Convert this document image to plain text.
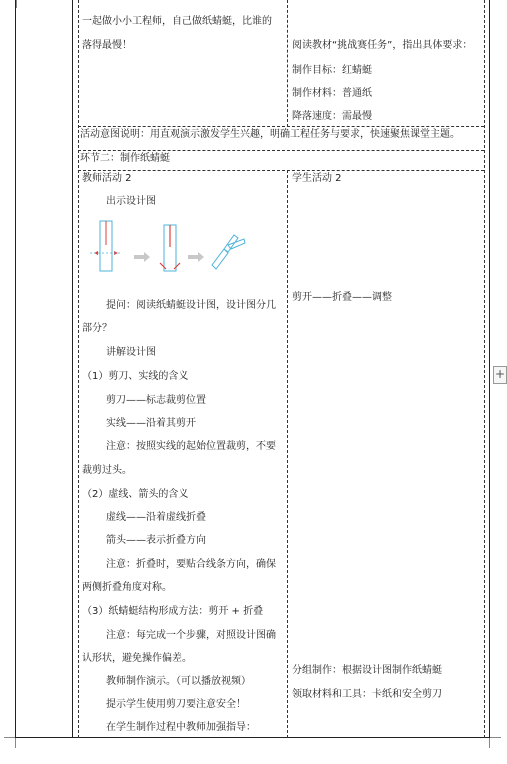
一起做小小工程师，自己做纸蜻蜓，比谁的
落得最慢！	阅读教材“挑战赛任务”，指出具体要求：
制作目标：红蜻蜓
制作材料：普通纸
降落速度：需最慢
活动意图说明：用直观演示激发学生兴趣，明确工程任务与要求，快速聚焦课堂主题。
环节二：制作纸蜻蜓
教师活动 2
出示设计图
提问：阅读纸蜻蜓设计图，设计图分几
部分？
讲解设计图
（1）剪刀、实线的含义
剪刀——标志裁剪位置
实线——沿着其剪开
注意：按照实线的起始位置裁剪，不要
裁剪过头。
（2）虚线、箭头的含义
虚线——沿着虚线折叠
箭头——表示折叠方向
注意：折叠时，要贴合线条方向，确保
两侧折叠角度对称。
（3）纸蜻蜓结构形成方法：剪开 + 折叠
注意：每完成一个步骤，对照设计图确
认形状，避免操作偏差。
教师制作演示。（可以播放视频）
提示学生使用剪刀要注意安全！
在学生制作过程中教师加强指导：
学生活动 2
剪开——折叠——调整
分组制作：根据设计图制作纸蜻蜓
领取材料和工具：卡纸和安全剪刀
+
